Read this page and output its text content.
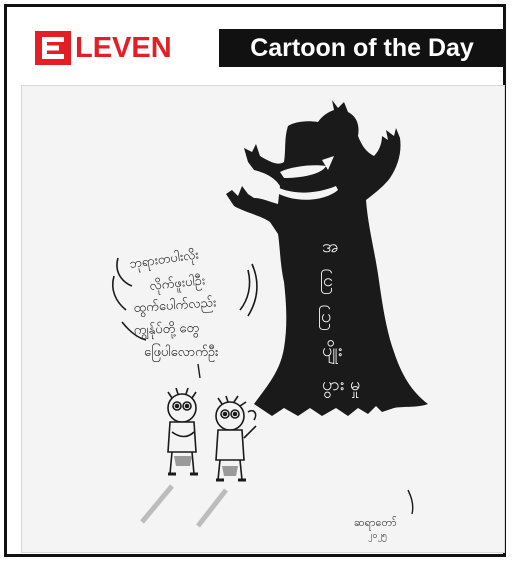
LEVEN	Cartoon of the Day
အ
ငြ
ပြ
ပျိုး
ပွား မှု
ဘုရားတပါးလိုး
လိုက်ဖူးပါဦး
ထွက်ပေါက်လည်း
ကျွန်ုပ်တို့ တွေ
ဖြေပါလောက်ဦး
ဆရာတော်
၂၀၂၅
